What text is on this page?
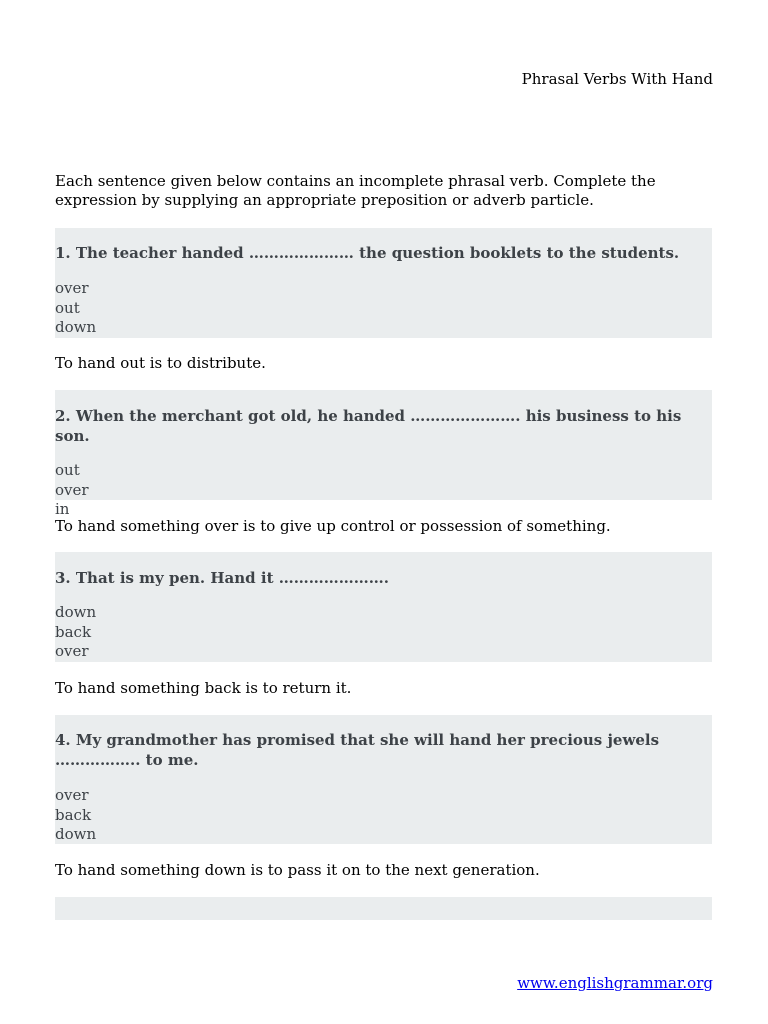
Phrasal Verbs With Hand
Each sentence given below contains an incomplete phrasal verb. Complete the expression by supplying an appropriate preposition or adverb particle.

1. The teacher handed ………………… the question booklets to the students.

over
out
down
To hand out is to distribute.

2. When the merchant got old, he handed …………………. his business to his son.

out
over
in
To hand something over is to give up control or possession of something.

3. That is my pen. Hand it ………………….

down
back
over
To hand something back is to return it.

4. My grandmother has promised that she will hand her precious jewels …………….. to me.

over
back
down
To hand something down is to pass it on to the next generation.
www.englishgrammar.org
